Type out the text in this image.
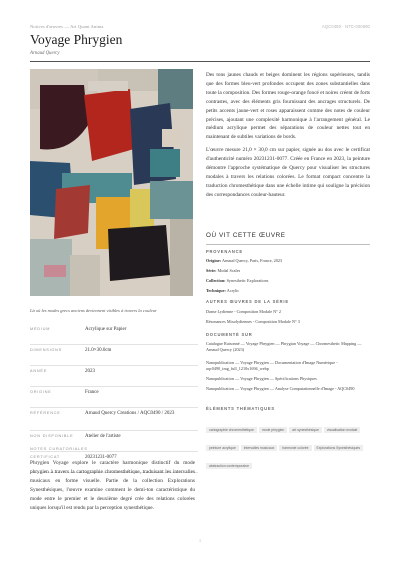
Notices d'œuvres — Art Quant Anima	AQC0490 · NTC-000690
Voyage Phrygien
Arnaud Quercy
Là où les modes grecs anciens deviennent visibles à travers la couleur
MÉDIUM	Acrylique sur Papier
DIMENSIONS	21.0×30.0cm
ANNÉE	2023
ORIGINE	France
RÉFÉRENCE	Arnaud Quercy Creations / AQC0490 / 2023
NON DISPONIBLE Atelier de l'artiste
CERTIFICAT	20231231-0077
NOTES CURATORIALES
Phrygien Voyage explore le caractère harmonique distinctif du mode phrygien à travers la cartographie chromesthétique, traduisant les intervalles musicaux en forme visuelle. Partie de la collection Explorations Synesthésiques, l'œuvre examine comment le demi-ton caractéristique du mode entre le premier et le deuxième degré crée des relations colorées uniques lorsqu'il est rendu par la perception synesthétique.

Des tons jaunes chauds et beiges dominent les régions supérieures, tandis que des formes bleu-vert profondes occupent des zones substantielles dans toute la composition. Des formes rouge-orange foncé et noires créent de forts contrastes, avec des éléments gris fournissant des ancrages structurels. De petits accents jaune-vert et roses apparaissent comme des notes de couleur précises, ajoutant une complexité harmonique à l'arrangement général. Le médium acrylique permet des séparations de couleur nettes tout en maintenant de subtiles variations de bords.

L'œuvre mesure 21,0 × 30,0 cm sur papier, signée au dos avec le certificat d'authenticité numéro 20231231-0077. Créée en France en 2023, la peinture démontre l'approche systématique de Quercy pour visualiser les structures modales à travers les relations colorées. Le format compact concentre la traduction chromesthétique dans une échelle intime qui souligne la précision des correspondances couleur-hauteur.

OÙ VIT CETTE ŒUVRE
PROVENANCE
Origine: Arnaud Quercy, Paris, France, 2023
Série: Modal Scales
Collection: Synesthetic Explorations
Technique: Acrylic
AUTRES ŒUVRES DE LA SÉRIE
Danse Lydienne - Composition Modale N° 2
Résonances Mixolydiennes - Composition Modale N° 3
DOCUMENTÉ SUR
Catalogue Raisonné — Voyage Phrygien — Phrygian Voyage — Chromesthetic Mapping — Arnaud Quercy (2023)
Nanopublication — Voyage Phrygien — Documentation d'Image Numérique - aqc0490_img_full_1210x1694_webp
Nanopublication — Voyage Phrygien — Spécifications Physiques
Nanopublication — Voyage Phrygien — Analyse Computationnelle d'Image - AQC0490
ÉLÉMENTS THÉMATIQUES
cartographie chromesthétique mode phrygien art synesthésique visualisation modalepeinture acrylique intervalles musicaux harmonie colorée Explorations Synesthésiquesabstraction contemporaine
1
